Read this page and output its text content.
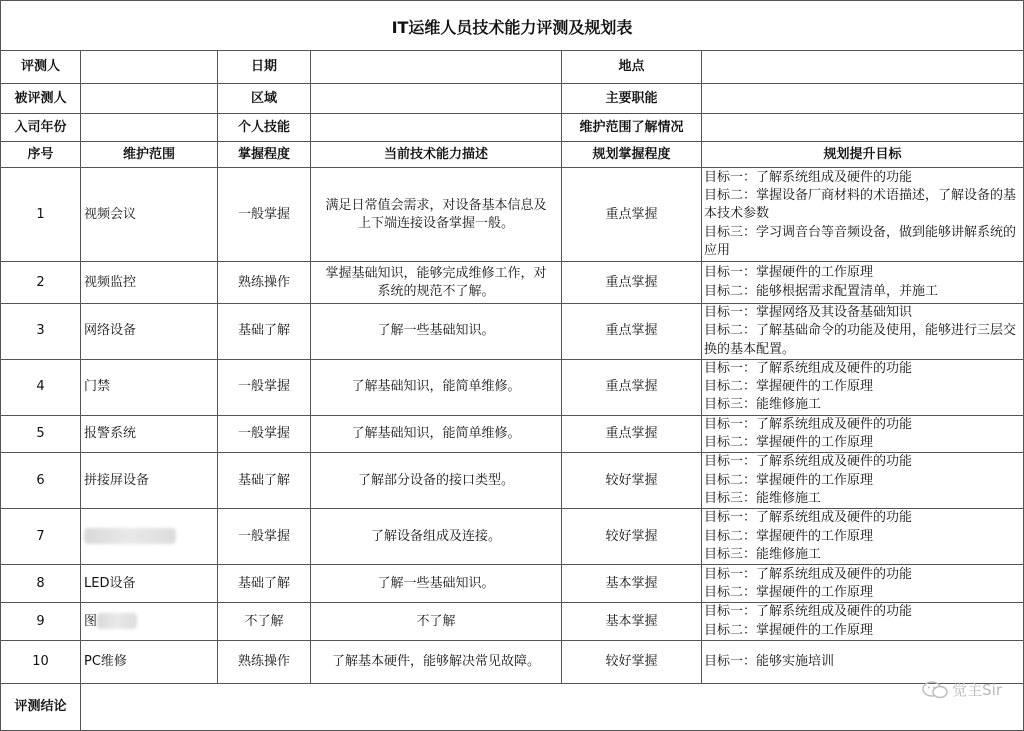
IT运维人员技术能力评测及规划表
评测人		日期		地点	
被评测人		区域		主要职能	
入司年份		个人技能		维护范围了解情况	
序号	维护范围	掌握程度	当前技术能力描述	规划掌握程度	规划提升目标
1	视频会议	一般掌握	满足日常值会需求，对设备基本信息及上下端连接设备掌握一般。	重点掌握	目标一：了解系统组成及硬件的功能
目标二：掌握设备厂商材料的术语描述，了解设备的基本技术参数
目标三：学习调音台等音频设备，做到能够讲解系统的应用

2	视频监控	熟练操作	掌握基础知识，能够完成维修工作，对系统的规范不了解。	重点掌握	目标一：掌握硬件的工作原理
目标二：能够根据需求配置清单，并施工

3	网络设备	基础了解	了解一些基础知识。	重点掌握	目标一：掌握网络及其设备基础知识
目标二：了解基础命令的功能及使用，能够进行三层交换的基本配置。

4	门禁	一般掌握	了解基础知识，能简单维修。	重点掌握	目标一：了解系统组成及硬件的功能
目标二：掌握硬件的工作原理
目标三：能维修施工

5	报警系统	一般掌握	了解基础知识，能简单维修。	重点掌握	目标一：了解系统组成及硬件的功能
目标二：掌握硬件的工作原理

6	拼接屏设备	基础了解	了解部分设备的接口类型。	较好掌握	目标一：了解系统组成及硬件的功能
目标二：掌握硬件的工作原理
目标三：能维修施工

7		一般掌握	了解设备组成及连接。	较好掌握	目标一：了解系统组成及硬件的功能
目标二：掌握硬件的工作原理
目标三：能维修施工

8	LED设备	基础了解	了解一些基础知识。	基本掌握	目标一：了解系统组成及硬件的功能
目标二：掌握硬件的工作原理

9	图	不了解	不了解	基本掌握	目标一：了解系统组成及硬件的功能
目标二：掌握硬件的工作原理

10	PC维修	熟练操作	了解基本硬件，能够解决常见故障。	较好掌握	目标一：能够实施培训

评测结论					
觉主Sir
